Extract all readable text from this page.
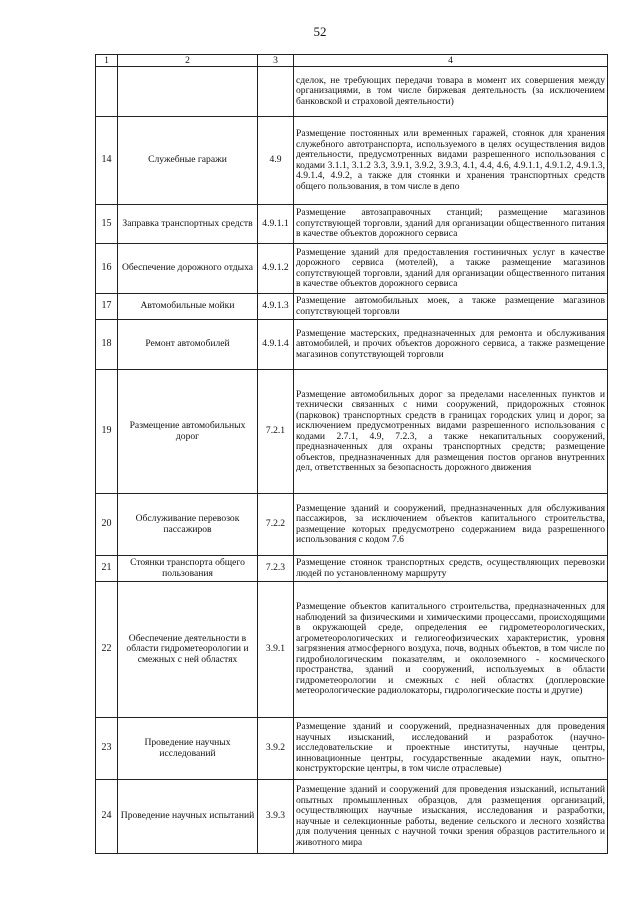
52
1	2	3	4
			сделок, не требующих передачи товара в момент их совершения между организациями, в том числе биржевая деятельность (за исключением банковской и страховой деятельности)
14	Служебные гаражи	4.9	Размещение постоянных или временных гаражей, стоянок для хранения служебного автотранспорта, используемого в целях осуществления видов деятельности, предусмотренных видами разрешенного использования с кодами 3.1.1, 3.1.2 3.3, 3.9.1, 3.9.2, 3.9.3, 4.1, 4.4, 4.6, 4.9.1.1, 4.9.1.2, 4.9.1.3, 4.9.1.4, 4.9.2, а также для стоянки и хранения транспортных средств общего пользования, в том числе в депо
15	Заправка транспортных средств	4.9.1.1	Размещение автозаправочных станций; размещение магазинов сопутствующей торговли, зданий для организации общественного питания в качестве объектов дорожного сервиса
16	Обеспечение дорожного отдыха	4.9.1.2	Размещение зданий для предоставления гостиничных услуг в качестве дорожного сервиса (мотелей), а также размещение магазинов сопутствующей торговли, зданий для организации общественного питания в качестве объектов дорожного сервиса
17	Автомобильные мойки	4.9.1.3	Размещение автомобильных моек, а также размещение магазинов сопутствующей торговли
18	Ремонт автомобилей	4.9.1.4	Размещение мастерских, предназначенных для ремонта и обслуживания автомобилей, и прочих объектов дорожного сервиса, а также размещение магазинов сопутствующей торговли
19	Размещение автомобильных дорог	7.2.1	Размещение автомобильных дорог за пределами населенных пунктов и технически связанных с ними сооружений, придорожных стоянок (парковок) транспортных средств в границах городских улиц и дорог, за исключением предусмотренных видами разрешенного использования с кодами 2.7.1, 4.9, 7.2.3, а также некапитальных сооружений, предназначенных для охраны транспортных средств; размещение объектов, предназначенных для размещения постов органов внутренних дел, ответственных за безопасность дорожного движения
20	Обслуживание перевозок пассажиров	7.2.2	Размещение зданий и сооружений, предназначенных для обслуживания пассажиров, за исключением объектов капитального строительства, размещение которых предусмотрено содержанием вида разрешенного использования с кодом 7.6
21	Стоянки транспорта общего пользования	7.2.3	Размещение стоянок транспортных средств, осуществляющих перевозки людей по установленному маршруту
22	Обеспечение деятельности в области гидрометеорологии и смежных с ней областях	3.9.1	Размещение объектов капитального строительства, предназначенных для наблюдений за физическими и химическими процессами, происходящими в окружающей среде, определения ее гидрометеорологических, агрометеорологических и гелиогеофизических характеристик, уровня загрязнения атмосферного воздуха, почв, водных объектов, в том числе по гидробиологическим показателям, и околоземного - космического пространства, зданий и сооружений, используемых в области гидрометеорологии и смежных с ней областях (доплеровские метеорологические радиолокаторы, гидрологические посты и другие)
23	Проведение научных исследований	3.9.2	Размещение зданий и сооружений, предназначенных для проведения научных изысканий, исследований и разработок (научно-исследовательские и проектные институты, научные центры, инновационные центры, государственные академии наук, опытно-конструкторские центры, в том числе отраслевые)
24	Проведение научных испытаний	3.9.3	Размещение зданий и сооружений для проведения изысканий, испытаний опытных промышленных образцов, для размещения организаций, осуществляющих научные изыскания, исследования и разработки, научные и селекционные работы, ведение сельского и лесного хозяйства для получения ценных с научной точки зрения образцов растительного и животного мира
